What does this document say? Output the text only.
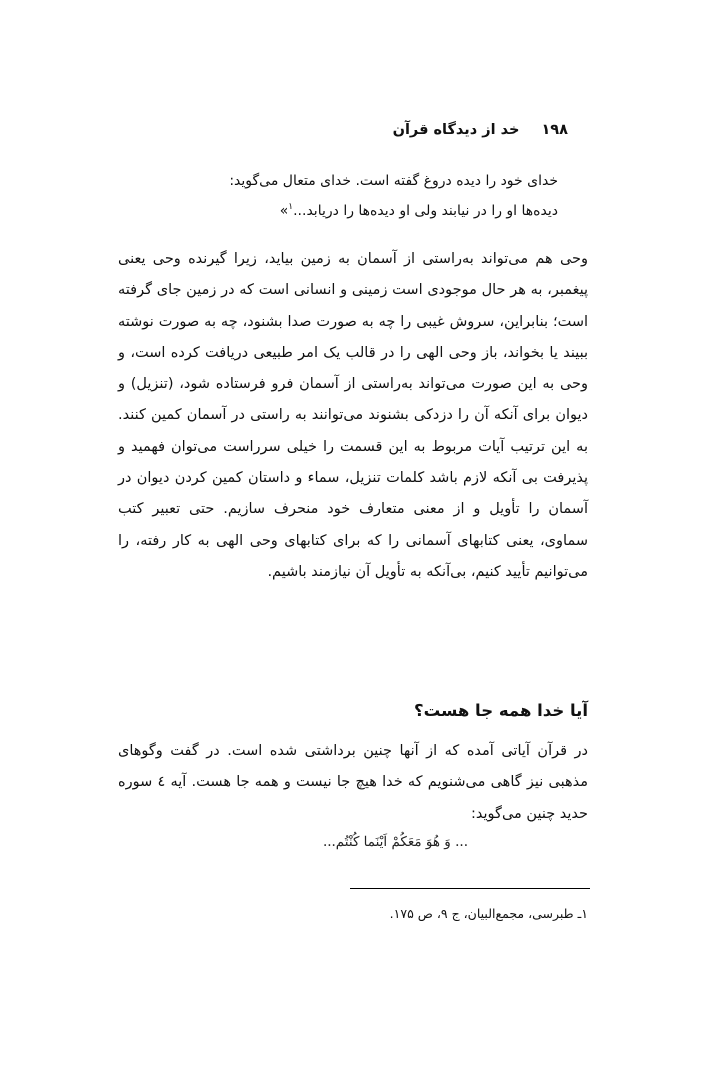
۱۹۸خد از دیدگاه قرآن

خدای خود را دیده دروغ گفته است. خدای متعال می‌گوید:

دیده‌ها او را در نیابند ولی او دیده‌ها را دریابد...$^۱$»

وحی هم می‌تواند به‌راستی از آسمان به زمین بیاید، زیرا گیرنده وحی یعنی پیغمبر، به هر حال موجودی است زمینی و انسانی است که در زمین جای گرفته است؛ بنابراین، سروش غیبی را چه به صورت صدا بشنود، چه به صورت نوشته ببیند یا بخواند، باز وحی الهی را در قالب یک امر طبیعی دریافت کرده است، و وحی به این صورت می‌تواند به‌راستی از آسمان فرو فرستاده شود، (تنزیل) و دیوان برای آنکه آن را دزدکی بشنوند می‌توانند به راستی در آسمان کمین کنند. به این ترتیب آیات مربوط به این قسمت را خیلی سرراست می‌توان فهمید و پذیرفت بی آنکه لازم باشد کلمات تنزیل، سماء و داستان کمین کردن دیوان در آسمان را تأویل و از معنی متعارف خود منحرف سازیم. حتی تعبیر کتب سماوی، یعنی کتابهای آسمانی را که برای کتابهای وحی الهی به کار رفته، را می‌توانیم تأیید کنیم، بی‌آنکه به تأویل آن نیازمند باشیم.

آیا خدا همه جا هست؟

در قرآن آیاتی آمده که از آنها چنین برداشتی شده است. در گفت وگوهای مذهبی نیز گاهی می‌شنویم که خدا هیچ جا نیست و همه جا هست. آیه ٤ سوره حدید چنین می‌گوید:

... وَ هُوَ مَعَكُمْ اَيْنَما كُنْتُم...
۱ـ طبرسی، مجمع‌البیان، ج ۹، ص ۱۷۵.
